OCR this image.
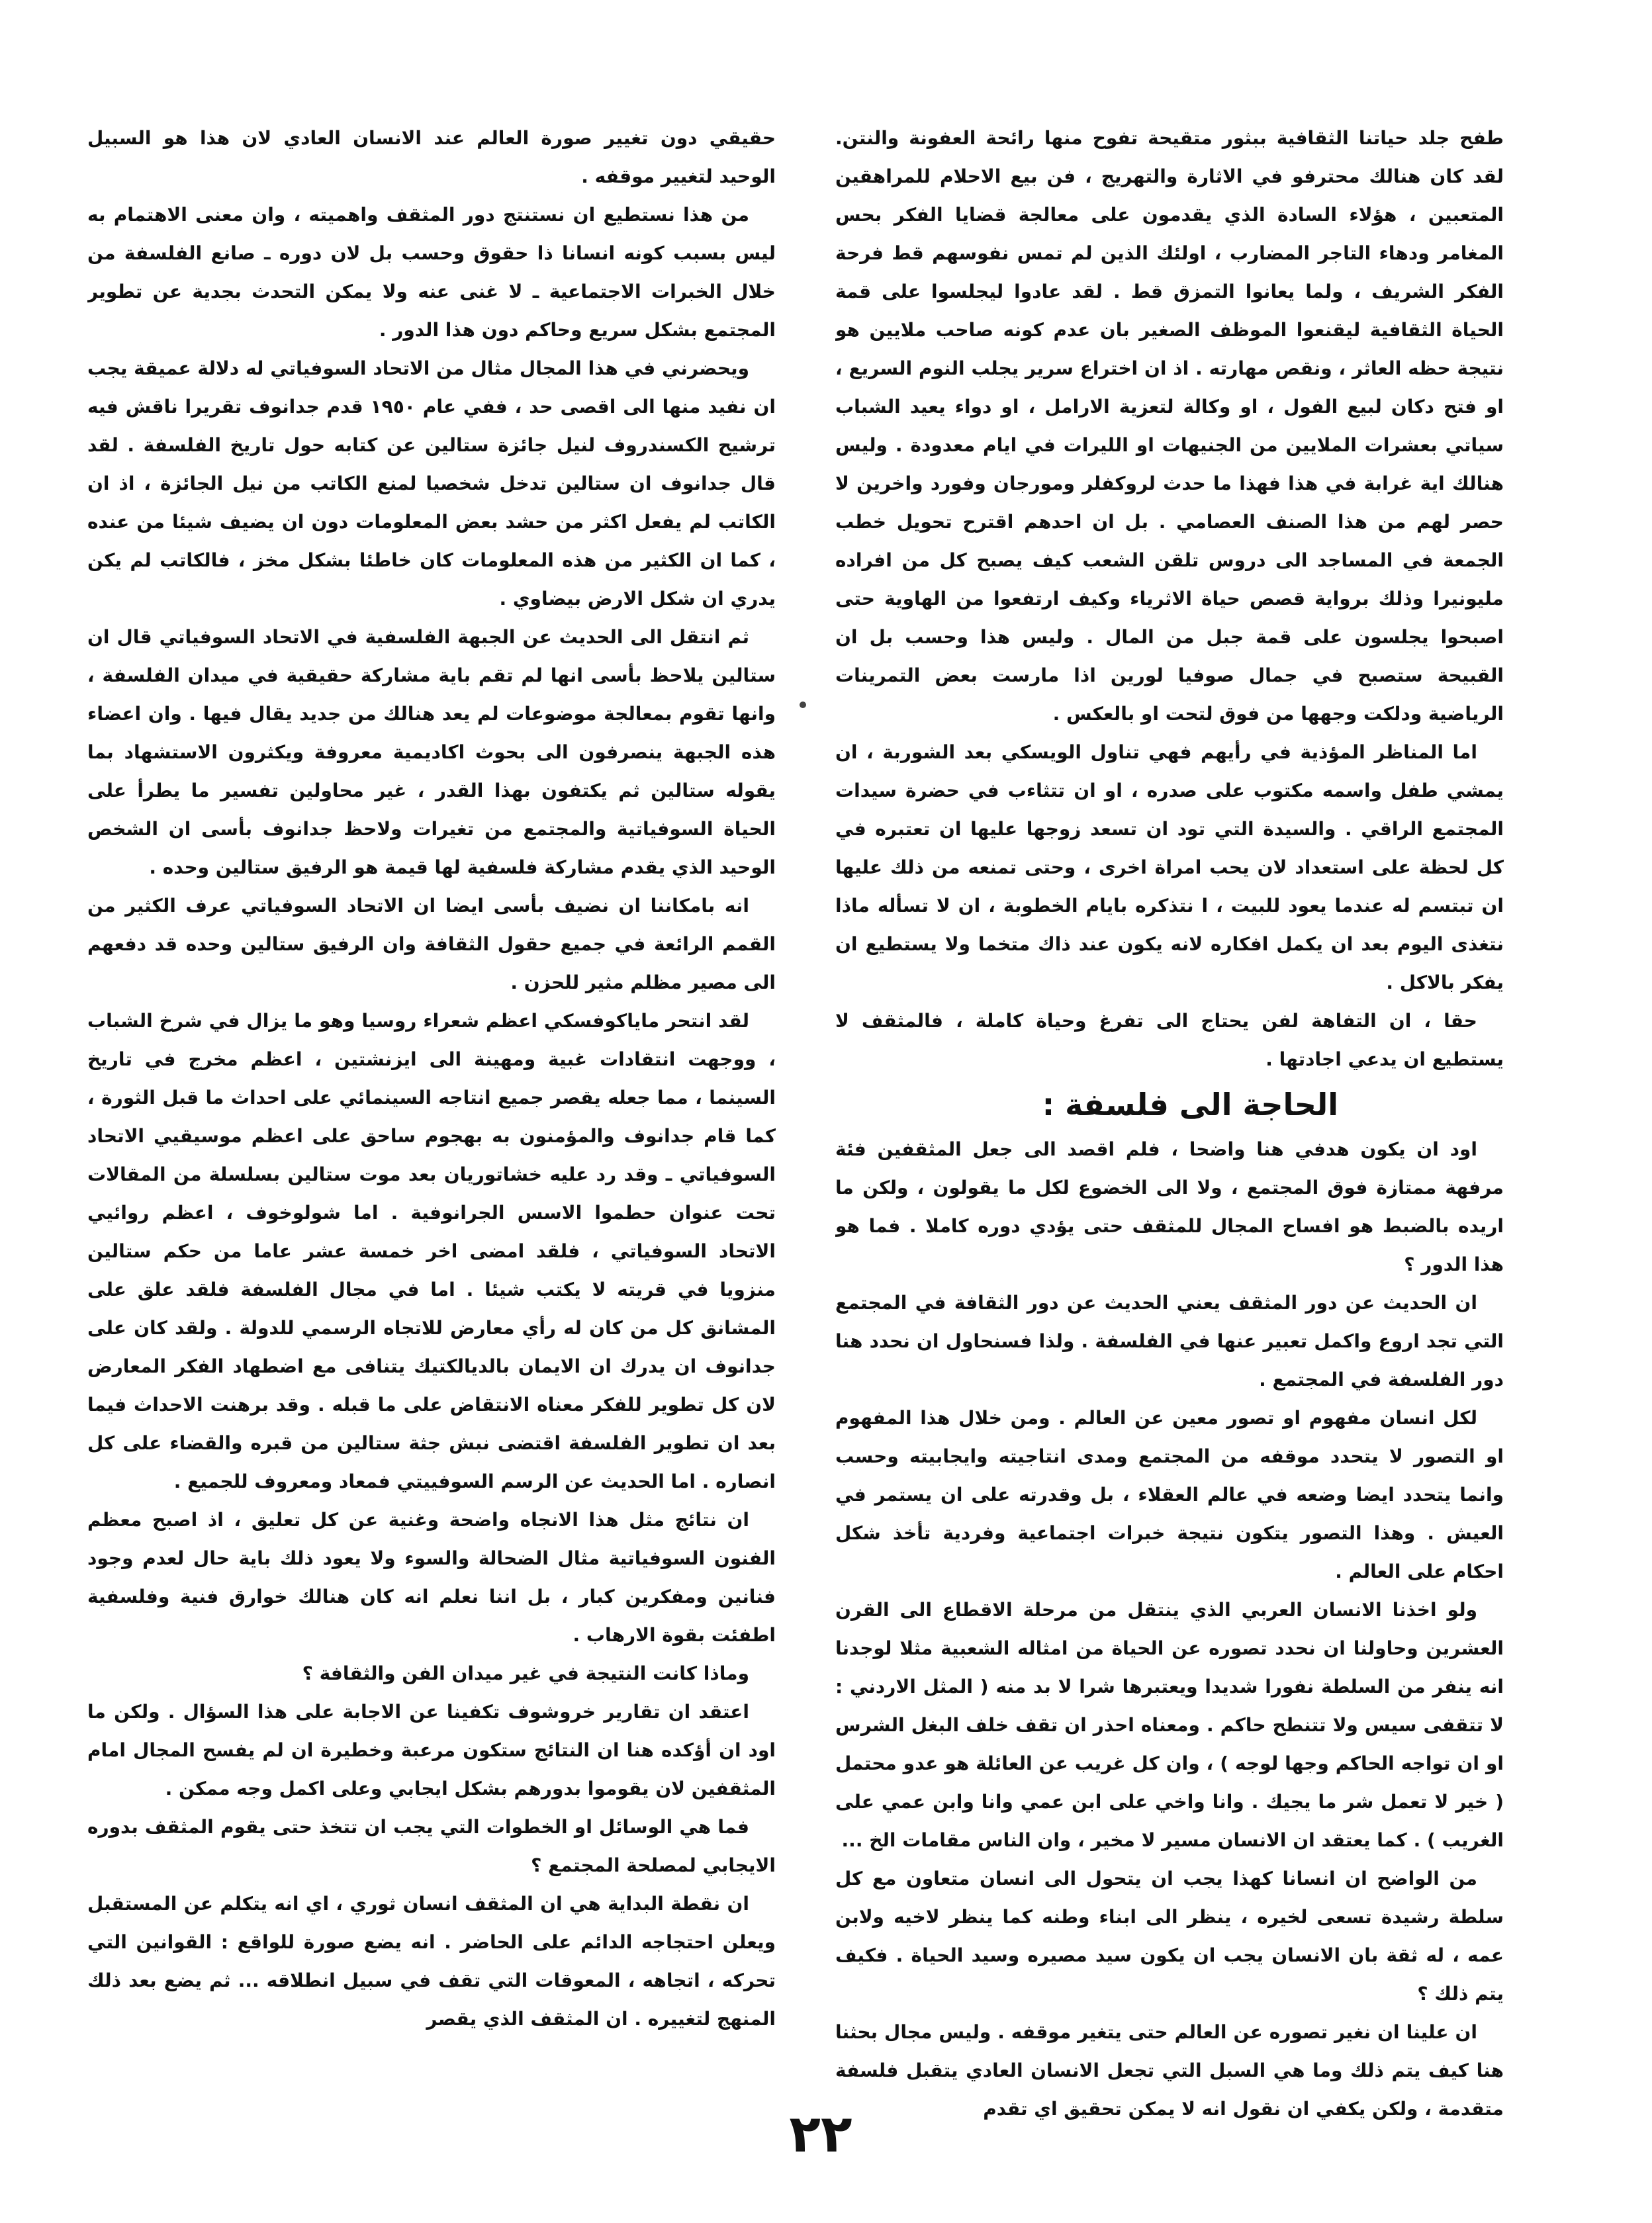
طفح جلد حياتنا الثقافية ببثور متقيحة تفوح منها رائحة العفونة والنتن. لقد كان هنالك محترفو في الاثارة والتهريج ، فن بيع الاحلام للمراهقين المتعبين ، هؤلاء السادة الذي يقدمون على معالجة قضايا الفكر بحس المغامر ودهاء التاجر المضارب ، اولئك الذين لم تمس نفوسهم قط فرحة الفكر الشريف ، ولما يعانوا التمزق قط . لقد عادوا ليجلسوا على قمة الحياة الثقافية ليقنعوا الموظف الصغير بان عدم كونه صاحب ملايين هو نتيجة حظه العاثر ، ونقص مهارته . اذ ان اختراع سرير يجلب النوم السريع ، او فتح دكان لبيع الفول ، او وكالة لتعزية الارامل ، او دواء يعيد الشباب سياتي بعشرات الملايين من الجنيهات او الليرات في ايام معدودة . وليس هنالك اية غرابة في هذا فهذا ما حدث لروكفلر ومورجان وفورد واخرين لا حصر لهم من هذا الصنف العصامي . بل ان احدهم اقترح تحويل خطب الجمعة في المساجد الى دروس تلقن الشعب كيف يصبح كل من افراده مليونيرا وذلك برواية قصص حياة الاثرياء وكيف ارتفعوا من الهاوية حتى اصبحوا يجلسون على قمة جبل من المال . وليس هذا وحسب بل ان القبيحة ستصبح في جمال صوفيا لورين اذا مارست بعض التمرينات الرياضية ودلكت وجهها من فوق لتحت او بالعكس .

اما المناظر المؤذية في رأيهم فهي تناول الويسكي بعد الشوربة ، ان يمشي طفل واسمه مكتوب على صدره ، او ان تتثاءب في حضرة سيدات المجتمع الراقي . والسيدة التي تود ان تسعد زوجها عليها ان تعتبره في كل لحظة على استعداد لان يحب امراة اخرى ، وحتى تمنعه من ذلك عليها ان تبتسم له عندما يعود للبيت ، ا نتذكره بايام الخطوبة ، ان لا تسأله ماذا نتغذى اليوم بعد ان يكمل افكاره لانه يكون عند ذاك متخما ولا يستطيع ان يفكر بالاكل .

حقا ، ان التفاهة لفن يحتاج الى تفرغ وحياة كاملة ، فالمثقف لا يستطيع ان يدعي اجادتها .

الحاجة الى فلسفة :

اود ان يكون هدفي هنا واضحا ، فلم اقصد الى جعل المثقفين فئة مرفهة ممتازة فوق المجتمع ، ولا الى الخضوع لكل ما يقولون ، ولكن ما اريده بالضبط هو افساح المجال للمثقف حتى يؤدي دوره كاملا . فما هو هذا الدور ؟

ان الحديث عن دور المثقف يعني الحديث عن دور الثقافة في المجتمع التي تجد اروع واكمل تعبير عنها في الفلسفة . ولذا فسنحاول ان نحدد هنا دور الفلسفة في المجتمع .

لكل انسان مفهوم او تصور معين عن العالم . ومن خلال هذا المفهوم او التصور لا يتحدد موقفه من المجتمع ومدى انتاجيته وايجابيته وحسب وانما يتحدد ايضا وضعه في عالم العقلاء ، بل وقدرته على ان يستمر في العيش . وهذا التصور يتكون نتيجة خبرات اجتماعية وفردية تأخذ شكل احكام على العالم .

ولو اخذنا الانسان العربي الذي ينتقل من مرحلة الاقطاع الى القرن العشرين وحاولنا ان نحدد تصوره عن الحياة من امثاله الشعبية مثلا لوجدنا انه ينفر من السلطة نفورا شديدا ويعتبرها شرا لا بد منه ( المثل الاردني : لا تتقفى سيس ولا تتنطح حاكم . ومعناه احذر ان تقف خلف البغل الشرس او ان تواجه الحاكم وجها لوجه ) ، وان كل غريب عن العائلة هو عدو محتمل ( خير لا تعمل شر ما يجيك . وانا واخي على ابن عمي وانا وابن عمي على الغريب ) . كما يعتقد ان الانسان مسير لا مخير ، وان الناس مقامات الخ ...

من الواضح ان انسانا كهذا يجب ان يتحول الى انسان متعاون مع كل سلطة رشيدة تسعى لخيره ، ينظر الى ابناء وطنه كما ينظر لاخيه ولابن عمه ، له ثقة بان الانسان يجب ان يكون سيد مصيره وسيد الحياة . فكيف يتم ذلك ؟

ان علينا ان نغير تصوره عن العالم حتى يتغير موقفه . وليس مجال بحثنا هنا كيف يتم ذلك وما هي السبل التي تجعل الانسان العادي يتقبل فلسفة متقدمة ، ولكن يكفي ان نقول انه لا يمكن تحقيق اي تقدم

حقيقي دون تغيير صورة العالم عند الانسان العادي لان هذا هو السبيل الوحيد لتغيير موقفه .

من هذا نستطيع ان نستنتج دور المثقف واهميته ، وان معنى الاهتمام به ليس بسبب كونه انسانا ذا حقوق وحسب بل لان دوره ـ صانع الفلسفة من خلال الخبرات الاجتماعية ـ لا غنى عنه ولا يمكن التحدث بجدية عن تطوير المجتمع بشكل سريع وحاكم دون هذا الدور .

ويحضرني في هذا المجال مثال من الاتحاد السوفياتي له دلالة عميقة يجب ان نفيد منها الى اقصى حد ، ففي عام ١٩٥٠ قدم جدانوف تقريرا ناقش فيه ترشيح الكسندروف لنيل جائزة ستالين عن كتابه حول تاريخ الفلسفة . لقد قال جدانوف ان ستالين تدخل شخصيا لمنع الكاتب من نيل الجائزة ، اذ ان الكاتب لم يفعل اكثر من حشد بعض المعلومات دون ان يضيف شيئا من عنده ، كما ان الكثير من هذه المعلومات كان خاطئا بشكل مخز ، فالكاتب لم يكن يدري ان شكل الارض بيضاوي .

ثم انتقل الى الحديث عن الجبهة الفلسفية في الاتحاد السوفياتي قال ان ستالين يلاحظ بأسى انها لم تقم باية مشاركة حقيقية في ميدان الفلسفة ، وانها تقوم بمعالجة موضوعات لم يعد هنالك من جديد يقال فيها . وان اعضاء هذه الجبهة ينصرفون الى بحوث اكاديمية معروفة ويكثرون الاستشهاد بما يقوله ستالين ثم يكتفون بهذا القدر ، غير محاولين تفسير ما يطرأ على الحياة السوفياتية والمجتمع من تغيرات ولاحظ جدانوف بأسى ان الشخص الوحيد الذي يقدم مشاركة فلسفية لها قيمة هو الرفيق ستالين وحده .

انه بامكاننا ان نضيف بأسى ايضا ان الاتحاد السوفياتي عرف الكثير من القمم الرائعة في جميع حقول الثقافة وان الرفيق ستالين وحده قد دفعهم الى مصير مظلم مثير للحزن .

لقد انتحر ماياكوفسكي اعظم شعراء روسيا وهو ما يزال في شرخ الشباب ، ووجهت انتقادات غبية ومهينة الى ايزنشتين ، اعظم مخرج في تاريخ السينما ، مما جعله يقصر جميع انتاجه السينمائي على احداث ما قبل الثورة ، كما قام جدانوف والمؤمنون به بهجوم ساحق على اعظم موسيقيي الاتحاد السوفياتي ـ وقد رد عليه خشاتوريان بعد موت ستالين بسلسلة من المقالات تحت عنوان حطموا الاسس الجرانوفية . اما شولوخوف ، اعظم روائيي الاتحاد السوفياتي ، فلقد امضى اخر خمسة عشر عاما من حكم ستالين منزويا في قريته لا يكتب شيئا . اما في مجال الفلسفة فلقد علق على المشانق كل من كان له رأي معارض للاتجاه الرسمي للدولة . ولقد كان على جدانوف ان يدرك ان الايمان بالديالكتيك يتنافى مع اضطهاد الفكر المعارض لان كل تطوير للفكر معناه الانتقاض على ما قبله . وقد برهنت الاحداث فيما بعد ان تطوير الفلسفة اقتضى نبش جثة ستالين من قبره والقضاء على كل انصاره . اما الحديث عن الرسم السوفييتي فمعاد ومعروف للجميع .

ان نتائج مثل هذا الانجاه واضحة وغنية عن كل تعليق ، اذ اصبح معظم الفنون السوفياتية مثال الضحالة والسوء ولا يعود ذلك باية حال لعدم وجود فنانين ومفكرين كبار ، بل اننا نعلم انه كان هنالك خوارق فنية وفلسفية اطفئت بقوة الارهاب .

وماذا كانت النتيجة في غير ميدان الفن والثقافة ؟

اعتقد ان تقارير خروشوف تكفينا عن الاجابة على هذا السؤال . ولكن ما اود ان أؤكده هنا ان النتائج ستكون مرعبة وخطيرة ان لم يفسح المجال امام المثقفين لان يقوموا بدورهم بشكل ايجابي وعلى اكمل وجه ممكن .

فما هي الوسائل او الخطوات التي يجب ان تتخذ حتى يقوم المثقف بدوره الايجابي لمصلحة المجتمع ؟

ان نقطة البداية هي ان المثقف انسان ثوري ، اي انه يتكلم عن المستقبل ويعلن احتجاجه الدائم على الحاضر . انه يضع صورة للواقع : القوانين التي تحركه ، اتجاهه ، المعوقات التي تقف في سبيل انطلاقه ... ثم يضع بعد ذلك المنهج لتغييره . ان المثقف الذي يقصر

٢٢
